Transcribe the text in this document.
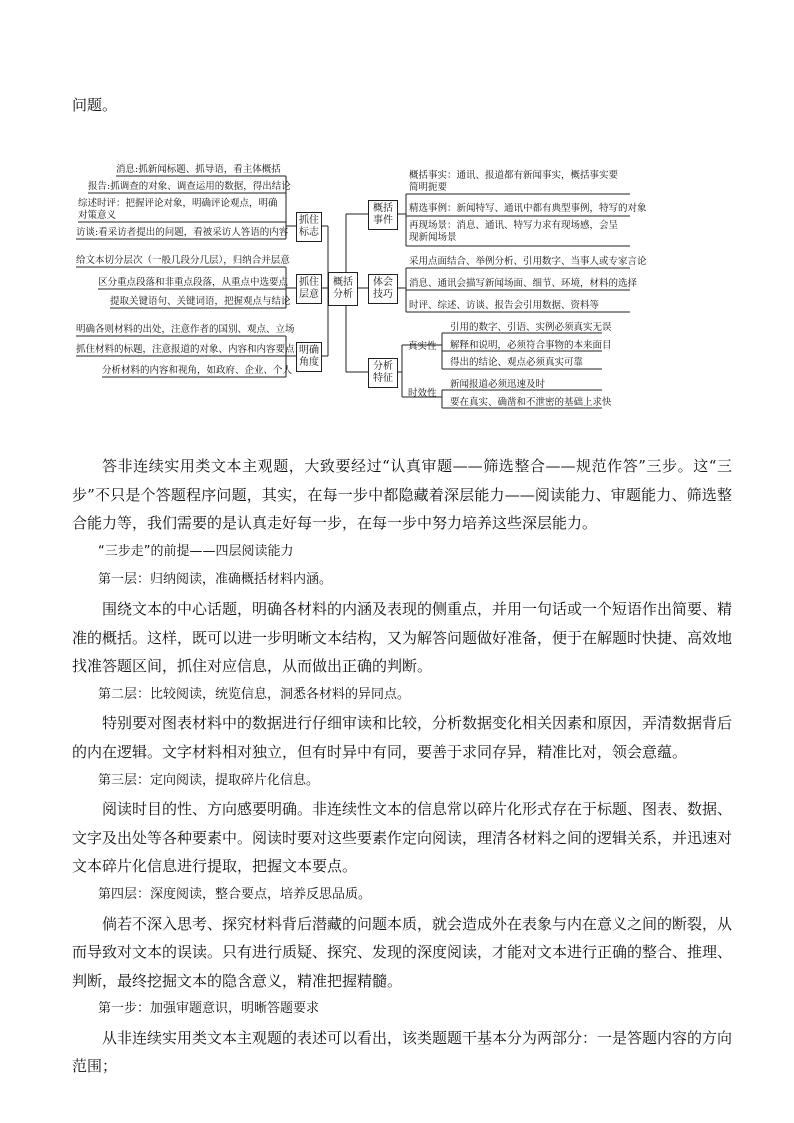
问题。
概括
分析
抓住
标志
抓住
层意
明确
角度
消息:抓新闻标题、抓导语，看主体概括
报告:抓调查的对象、调查运用的数据，得出结论
综述时评：把握评论对象，明确评论观点，明确对策意义
访谈:看采访者提出的问题，看被采访人答语的内容
给文本切分层次（一般几段分几层），归纳合并层意
区分重点段落和非重点段落，从重点中选要点
提取关键语句、关键词语，把握观点与结论
明确各则材料的出处，注意作者的国别、观点、立场
抓住材料的标题，注意报道的对象、内容和内容要点
分析材料的内容和视角，如政府、企业、个人
概括
事件
体会
技巧
分析
特征
概括事实：通讯、报道都有新闻事实，概括事实要简明扼要
精选事例：新闻特写、通讯中都有典型事例，特写的对象
再现场景：消息、通讯、特写力求有现场感，会呈现新闻场景
采用点面结合、举例分析、引用数字、当事人或专家言论
消息、通讯会描写新闻场面、细节、环境，材料的选择
时评、综述、访谈、报告会引用数据、资料等
真实性
时效性
引用的数字、引语、实例必须真实无误
解释和说明，必须符合事物的本来面目
得出的结论、观点必须真实可靠
新闻报道必须迅速及时
要在真实、确凿和不泄密的基础上求快

答非连续实用类文本主观题，大致要经过“认真审题——筛选整合——规范作答”三步。这“三步”不只是个答题程序问题，其实，在每一步中都隐藏着深层能力——阅读能力、审题能力、筛选整合能力等，我们需要的是认真走好每一步，在每一步中努力培养这些深层能力。

“三步走”的前提——四层阅读能力

第一层：归纳阅读，准确概括材料内涵。

围绕文本的中心话题，明确各材料的内涵及表现的侧重点，并用一句话或一个短语作出简要、精准的概括。这样，既可以进一步明晰文本结构，又为解答问题做好准备，便于在解题时快捷、高效地找准答题区间，抓住对应信息，从而做出正确的判断。

第二层：比较阅读，统览信息，洞悉各材料的异同点。

特别要对图表材料中的数据进行仔细审读和比较，分析数据变化相关因素和原因，弄清数据背后的内在逻辑。文字材料相对独立，但有时异中有同，要善于求同存异，精准比对，领会意蕴。

第三层：定向阅读，提取碎片化信息。

阅读时目的性、方向感要明确。非连续性文本的信息常以碎片化形式存在于标题、图表、数据、文字及出处等各种要素中。阅读时要对这些要素作定向阅读，理清各材料之间的逻辑关系，并迅速对文本碎片化信息进行提取，把握文本要点。

第四层：深度阅读，整合要点，培养反思品质。

倘若不深入思考、探究材料背后潜藏的问题本质，就会造成外在表象与内在意义之间的断裂，从而导致对文本的误读。只有进行质疑、探究、发现的深度阅读，才能对文本进行正确的整合、推理、判断，最终挖掘文本的隐含意义，精准把握精髓。

第一步：加强审题意识，明晰答题要求

从非连续实用类文本主观题的表述可以看出，该类题题干基本分为两部分：一是答题内容的方向范围；
